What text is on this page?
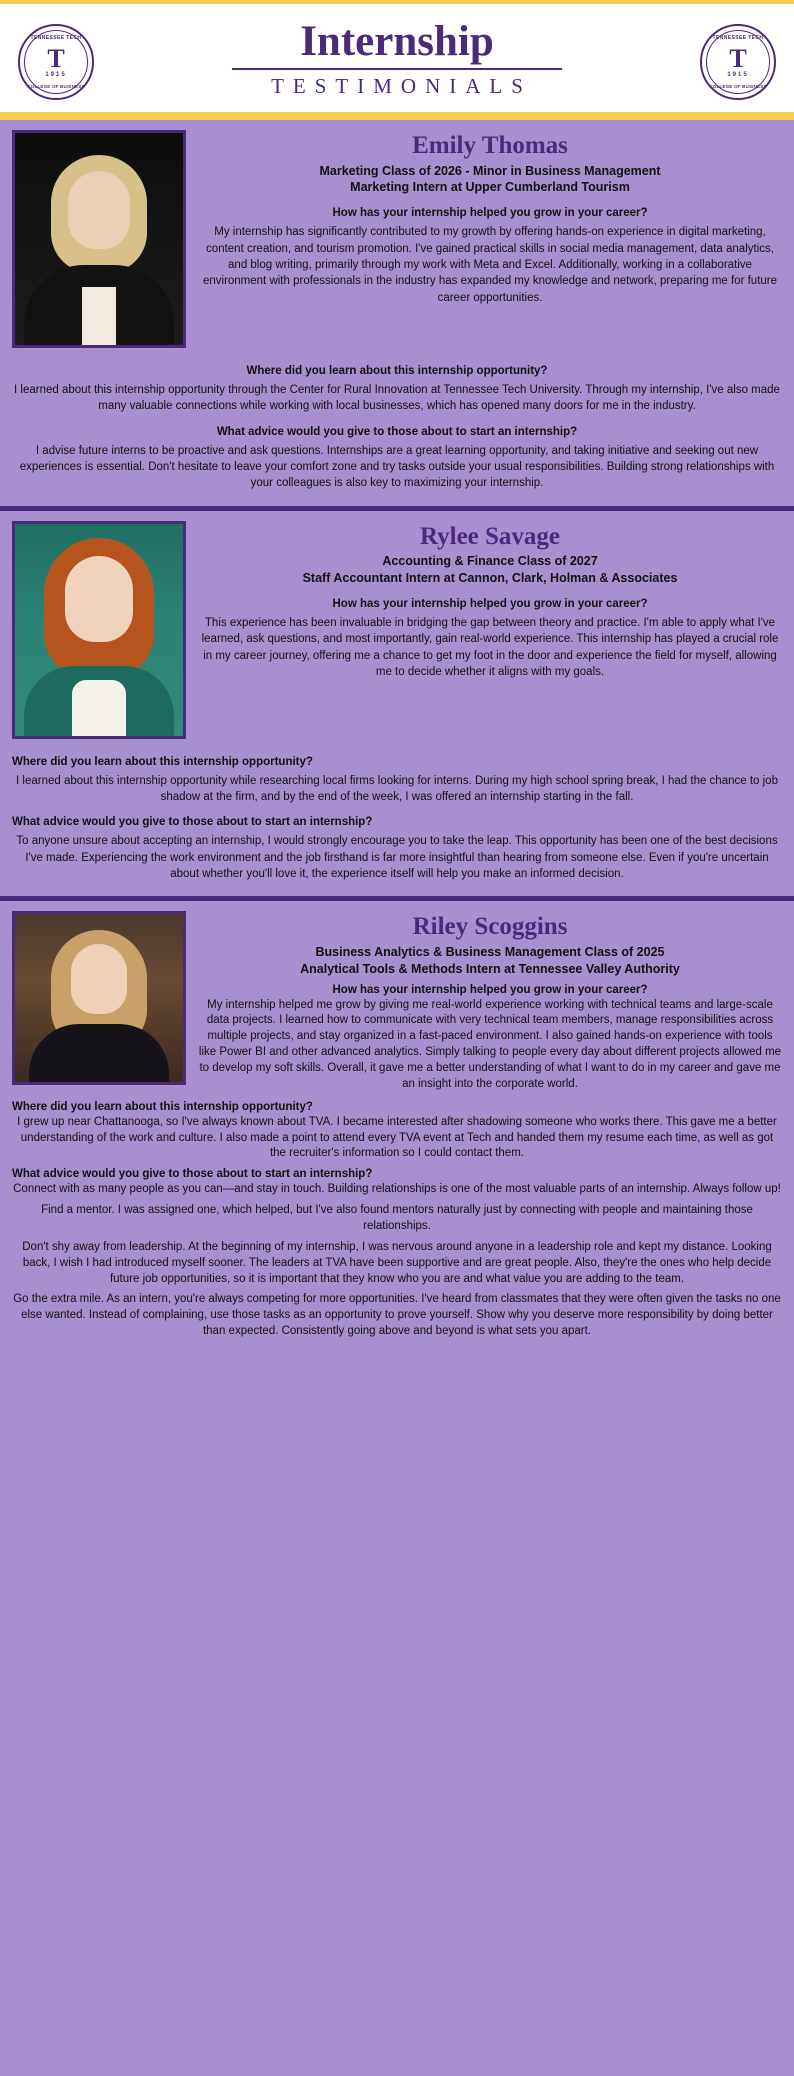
TENNESSEE TECH
T
1915
COLLEGE OF BUSINESS
Internship
TESTIMONIALS
TENNESSEE TECH
T
1915
COLLEGE OF BUSINESS
Emily Thomas
Marketing Class of 2026 - Minor in Business Management
Marketing Intern at Upper Cumberland Tourism
How has your internship helped you grow in your career?
My internship has significantly contributed to my growth by offering hands-on experience in digital marketing, content creation, and tourism promotion. I've gained practical skills in social media management, data analytics, and blog writing, primarily through my work with Meta and Excel. Additionally, working in a collaborative environment with professionals in the industry has expanded my knowledge and network, preparing me for future career opportunities.
Where did you learn about this internship opportunity?
I learned about this internship opportunity through the Center for Rural Innovation at Tennessee Tech University. Through my internship, I've also made many valuable connections while working with local businesses, which has opened many doors for me in the industry.
What advice would you give to those about to start an internship?
I advise future interns to be proactive and ask questions. Internships are a great learning opportunity, and taking initiative and seeking out new experiences is essential. Don't hesitate to leave your comfort zone and try tasks outside your usual responsibilities. Building strong relationships with your colleagues is also key to maximizing your internship.
Rylee Savage
Accounting & Finance Class of 2027
Staff Accountant Intern at Cannon, Clark, Holman & Associates
How has your internship helped you grow in your career?
This experience has been invaluable in bridging the gap between theory and practice. I'm able to apply what I've learned, ask questions, and most importantly, gain real-world experience. This internship has played a crucial role in my career journey, offering me a chance to get my foot in the door and experience the field for myself, allowing me to decide whether it aligns with my goals.
Where did you learn about this internship opportunity?
I learned about this internship opportunity while researching local firms looking for interns. During my high school spring break, I had the chance to job shadow at the firm, and by the end of the week, I was offered an internship starting in the fall.
What advice would you give to those about to start an internship?
To anyone unsure about accepting an internship, I would strongly encourage you to take the leap. This opportunity has been one of the best decisions I've made. Experiencing the work environment and the job firsthand is far more insightful than hearing from someone else. Even if you're uncertain about whether you'll love it, the experience itself will help you make an informed decision.
Riley Scoggins
Business Analytics & Business Management Class of 2025
Analytical Tools & Methods Intern at Tennessee Valley Authority
How has your internship helped you grow in your career?
My internship helped me grow by giving me real-world experience working with technical teams and large-scale data projects. I learned how to communicate with very technical team members, manage responsibilities across multiple projects, and stay organized in a fast-paced environment. I also gained hands-on experience with tools like Power BI and other advanced analytics. Simply talking to people every day about different projects allowed me to develop my soft skills. Overall, it gave me a better understanding of what I want to do in my career and gave me an insight into the corporate world.
Where did you learn about this internship opportunity?
I grew up near Chattanooga, so I've always known about TVA. I became interested after shadowing someone who works there. This gave me a better understanding of the work and culture. I also made a point to attend every TVA event at Tech and handed them my resume each time, as well as got the recruiter's information so I could contact them.
What advice would you give to those about to start an internship?

Connect with as many people as you can—and stay in touch. Building relationships is one of the most valuable parts of an internship. Always follow up!

Find a mentor. I was assigned one, which helped, but I've also found mentors naturally just by connecting with people and maintaining those relationships.

Don't shy away from leadership. At the beginning of my internship, I was nervous around anyone in a leadership role and kept my distance. Looking back, I wish I had introduced myself sooner. The leaders at TVA have been supportive and are great people. Also, they're the ones who help decide future job opportunities, so it is important that they know who you are and what value you are adding to the team.

Go the extra mile. As an intern, you're always competing for more opportunities. I've heard from classmates that they were often given the tasks no one else wanted. Instead of complaining, use those tasks as an opportunity to prove yourself. Show why you deserve more responsibility by doing better than expected. Consistently going above and beyond is what sets you apart.
